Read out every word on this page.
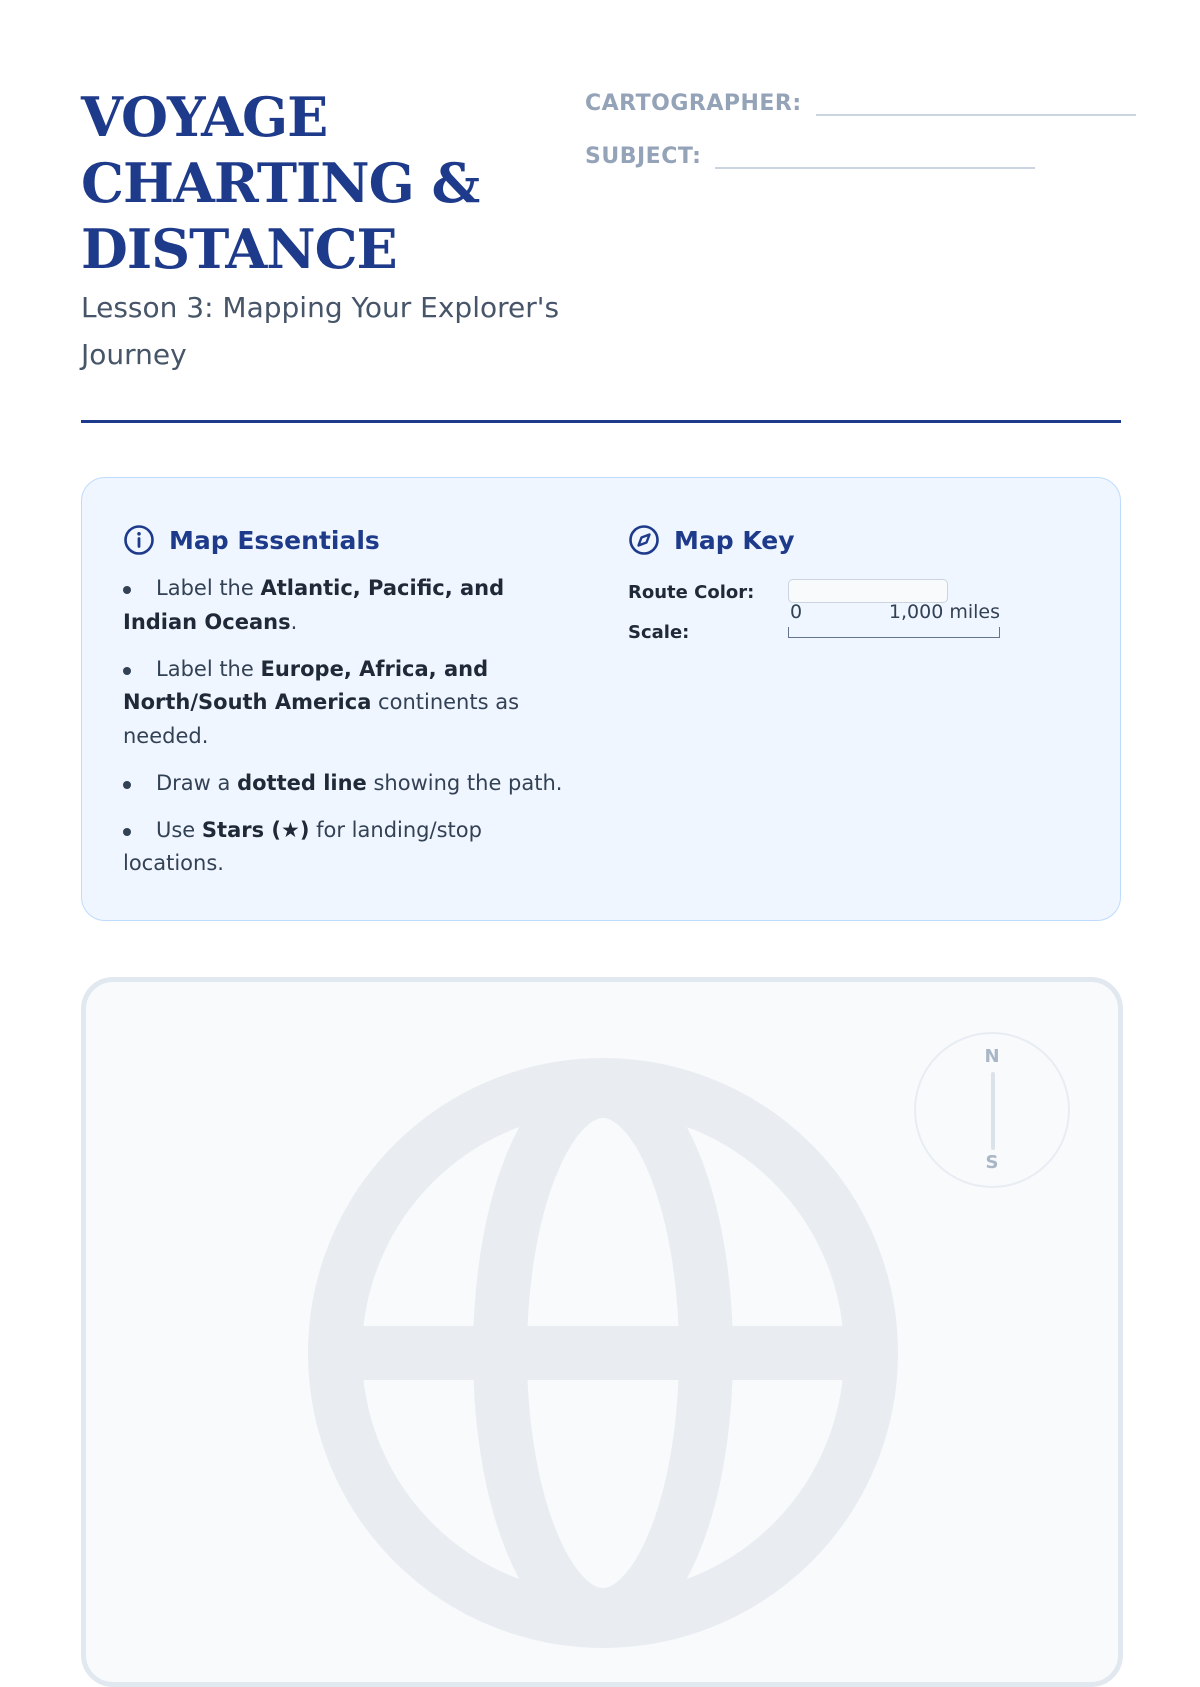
VOYAGE
CHARTING &
DISTANCE

Lesson 3: Mapping Your Explorer's Journey

CARTOGRAPHER:
SUBJECT:
Map Essentials
Label the Atlantic, Pacific, and Indian Oceans.
Label the Europe, Africa, and North/South America continents as needed.
Draw a dotted line showing the path.
Use Stars (★) for landing/stop locations.
Map Key
Route Color:
Scale:
0	1,000 miles
N
S
